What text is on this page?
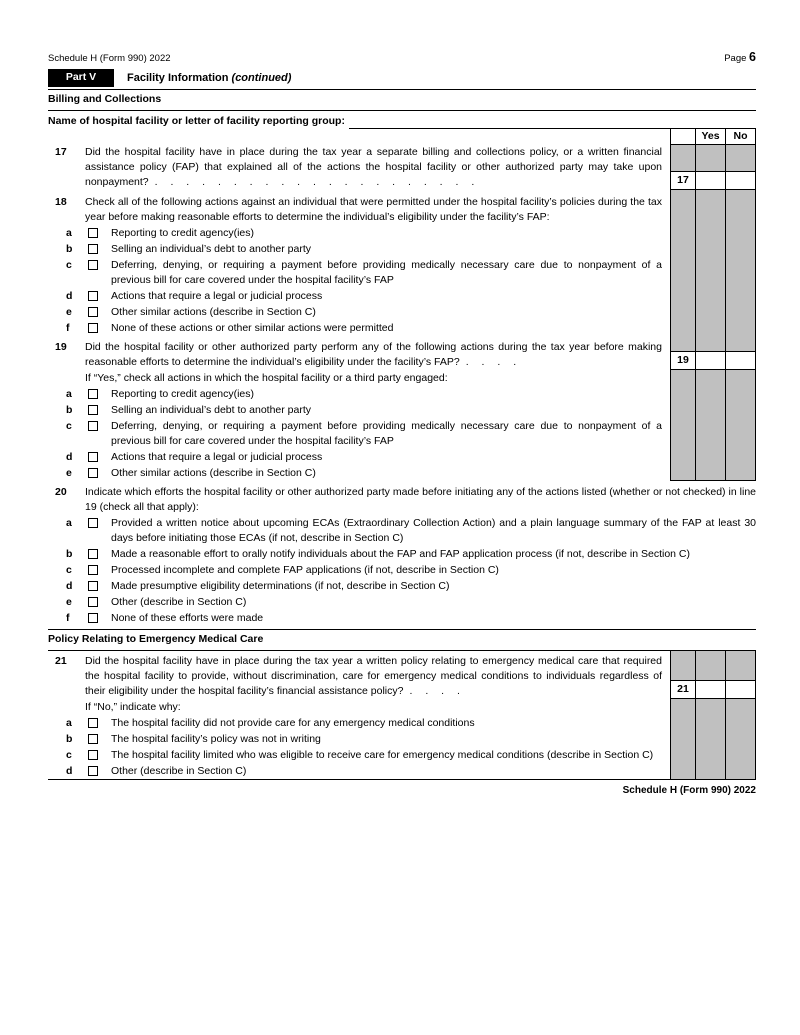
Schedule H (Form 990) 2022	Page 6
Part V	Facility Information (continued)
Billing and Collections
Name of hospital facility or letter of facility reporting group:
Yes	No
17	Did the hospital facility have in place during the tax year a separate billing and collections policy, or a written financial assistance policy (FAP) that explained all of the actions the hospital facility or other authorized party may take upon nonpayment? . . . . . . . . . . . . . . . . . . . . .	17
18	Check all of the following actions against an individual that were permitted under the hospital facility’s policies during the tax year before making reasonable efforts to determine the individual’s eligibility under the facility’s FAP:
a	Reporting to credit agency(ies)
b	Selling an individual’s debt to another party
c	Deferring, denying, or requiring a payment before providing medically necessary care due to nonpayment of a previous bill for care covered under the hospital facility’s FAP
d	Actions that require a legal or judicial process
e	Other similar actions (describe in Section C)
f	None of these actions or other similar actions were permitted
19	Did the hospital facility or other authorized party perform any of the following actions during the tax year before making reasonable efforts to determine the individual’s eligibility under the facility’s FAP? . . . .	19
If “Yes,” check all actions in which the hospital facility or a third party engaged:
a	Reporting to credit agency(ies)
b	Selling an individual’s debt to another party
c	Deferring, denying, or requiring a payment before providing medically necessary care due to nonpayment of a previous bill for care covered under the hospital facility’s FAP
d	Actions that require a legal or judicial process
e	Other similar actions (describe in Section C)
20	Indicate which efforts the hospital facility or other authorized party made before initiating any of the actions listed (whether or not checked) in line 19 (check all that apply):
a	Provided a written notice about upcoming ECAs (Extraordinary Collection Action) and a plain language summary of the FAP at least 30 days before initiating those ECAs (if not, describe in Section C)
b	Made a reasonable effort to orally notify individuals about the FAP and FAP application process (if not, describe in Section C)
c	Processed incomplete and complete FAP applications (if not, describe in Section C)
d	Made presumptive eligibility determinations (if not, describe in Section C)
e	Other (describe in Section C)
f	None of these efforts were made
Policy Relating to Emergency Medical Care
21	Did the hospital facility have in place during the tax year a written policy relating to emergency medical care that required the hospital facility to provide, without discrimination, care for emergency medical conditions to individuals regardless of their eligibility under the hospital facility’s financial assistance policy? . . . .	21
If “No,” indicate why:
a	The hospital facility did not provide care for any emergency medical conditions
b	The hospital facility’s policy was not in writing
c	The hospital facility limited who was eligible to receive care for emergency medical conditions (describe in Section C)
d	Other (describe in Section C)
Schedule H (Form 990) 2022
